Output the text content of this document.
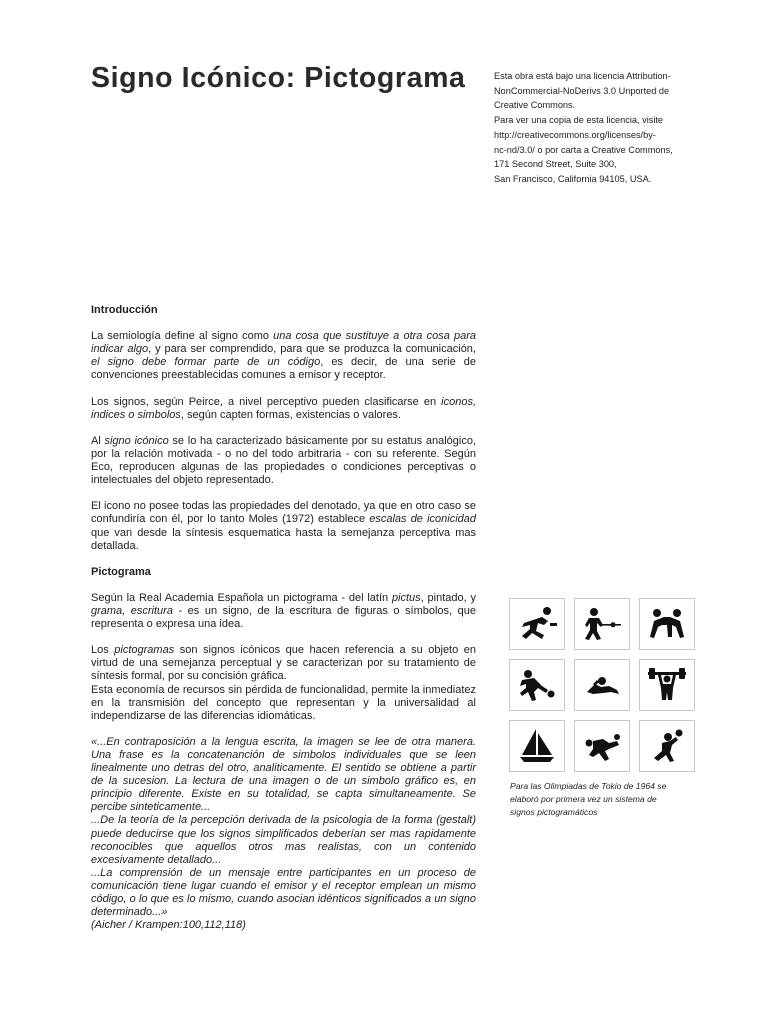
Signo Icónico: Pictograma	Esta obra está bajo una licencia Attribution-
NonCommercial-NoDerivs 3.0 Unported de
Creative Commons.
Para ver una copia de esta licencia, visite
http://creativecommons.org/licenses/by-
nc-nd/3.0/ o por carta a Creative Commons,
171 Second Street, Suite 300,
San Francisco, California 94105, USA.
Introducción

La semiología define al signo como una cosa que sustituye a otra cosa para indicar algo, y para ser comprendido, para que se produzca la comunicación, el signo debe formar parte de un código, es decir, de una serie de convenciones preestablecidas comunes a emisor y receptor.

Los signos, según Peirce, a nivel perceptivo pueden clasificarse en iconos, indices o simbolos, según capten formas, existencias o valores.

Al signo icónico se lo ha caracterizado básicamente por su estatus analógico, por la relación motivada - o no del todo arbitraria - con su referente. Según Eco, reproducen algunas de las propiedades o condiciones perceptivas o intelectuales del objeto representado.

El icono no posee todas las propiedades del denotado, ya que en otro caso se confundiría con él, por lo tanto Moles (1972) establece escalas de iconicidad que van desde la síntesis esquematica hasta la semejanza perceptiva mas detallada.

Pictograma

Según la Real Academia Española un pictograma - del latín pictus, pintado, y grama, escritura - es un signo, de la escritura de figuras o símbolos, que representa o expresa una idea.

Los pictogramas son signos icónicos que hacen referencia a su objeto en virtud de una semejanza perceptual y se caracterizan por su tratamiento de síntesis formal, por su concisión gráfica.

Esta economía de recursos sin pérdida de funcionalidad, permite la inmediatez en la transmisión del concepto que representan y la universalidad al independizarse de las diferencias idiomáticas.

«...En contraposición a la lengua escrita, la imagen se lee de otra manera. Una frase es la concatenanción de simbolos individuales que se leen linealmente uno detras del otro, analiticamente. El sentido se obtiene a partir de la sucesion. La lectura de una imagen o de un simbolo gráfico es, en principio diferente. Existe en su totalidad, se capta simultaneamente. Se percibe sinteticamente...

...De la teoría de la percepción derivada de la psicologia de la forma (gestalt) puede deducirse que los signos simplificados deberían ser mas rapidamente reconocibles que aquellos otros mas realistas, con un contenido excesivamente detallado...

...La comprensión de un mensaje entre participantes en un proceso de comunicación tiene lugar cuando el emisor y el receptor emplean un mismo código, o lo que es lo mismo, cuando asocian idénticos significados a un signo determinado...»

(Aicher / Krampen:100,112,118)

Para las Olimpiadas de Tokio de 1964 se
elaboró por primera vez un sistema de
signos pictogramáticos
